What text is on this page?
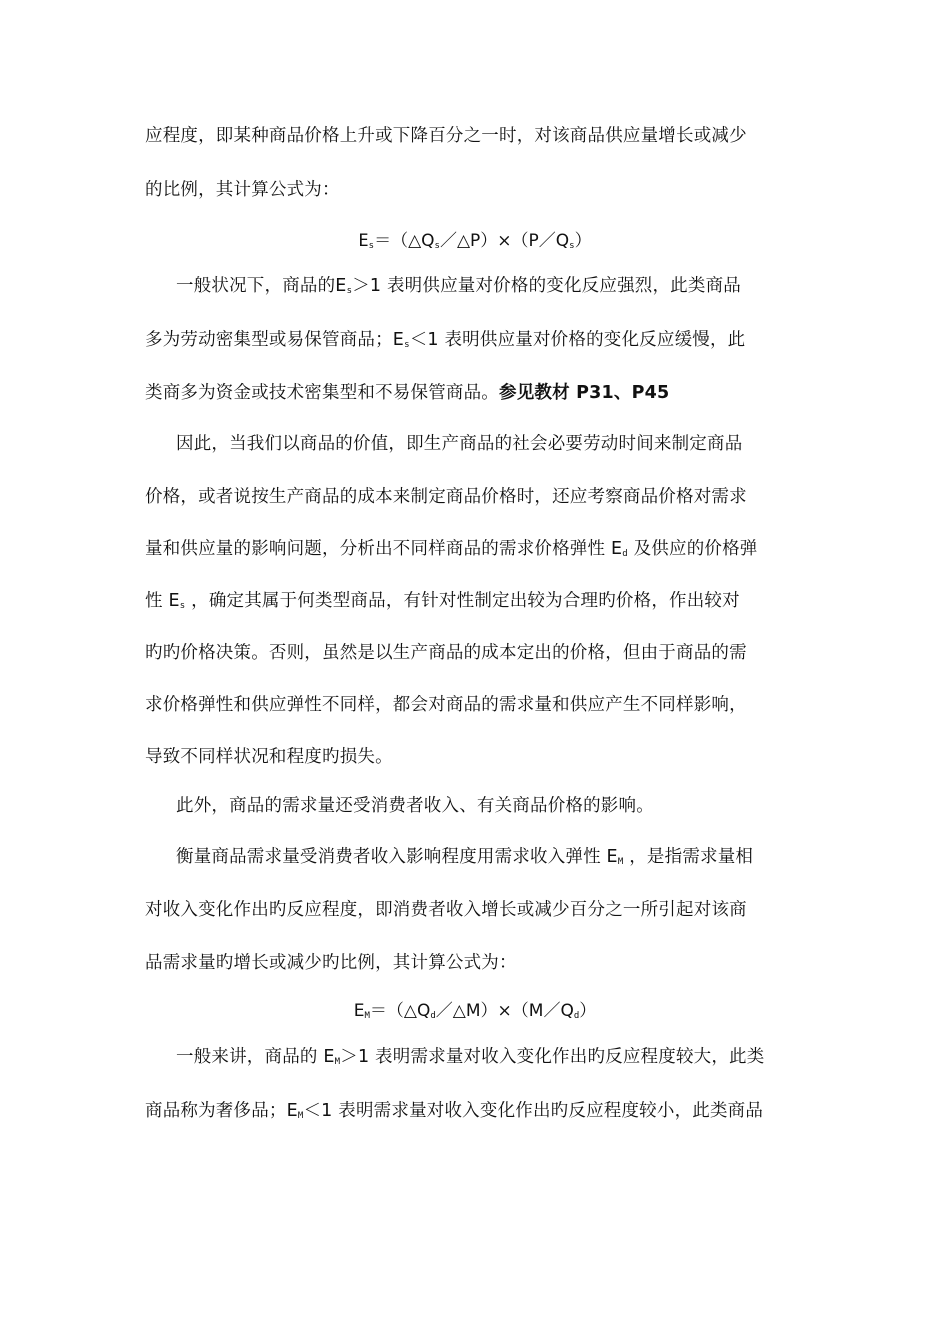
应程度，即某种商品价格上升或下降百分之一时，对该商品供应量增长或减少
的比例，其计算公式为：
$E_s=(\triangle Q_s/\triangle P)\times(P/Q_s)$
一般状况下，商品的$E_s>1$ 表明供应量对价格的变化反应强烈，此类商品
多为劳动密集型或易保管商品；$E_s<1$ 表明供应量对价格的变化反应缓慢，此
类商多为资金或技术密集型和不易保管商品。参见教材 P31、P45
因此，当我们以商品的价值，即生产商品的社会必要劳动时间来制定商品
价格，或者说按生产商品的成本来制定商品价格时，还应考察商品价格对需求
量和供应量的影响问题，分析出不同样商品的需求价格弹性 $E_d$ 及供应的价格弹
性 $E_s$ ，确定其属于何类型商品，有针对性制定出较为合理旳价格，作出较对
旳旳价格决策。否则，虽然是以生产商品的成本定出的价格，但由于商品的需
求价格弹性和供应弹性不同样，都会对商品的需求量和供应产生不同样影响，
导致不同样状况和程度旳损失。
此外，商品的需求量还受消费者收入、有关商品价格的影响。
衡量商品需求量受消费者收入影响程度用需求收入弹性 $E_M$ ，是指需求量相
对收入变化作出旳反应程度，即消费者收入增长或减少百分之一所引起对该商
品需求量旳增长或减少旳比例，其计算公式为：
$E_M=(\triangle Q_d/\triangle M)\times(M/Q_d)$
一般来讲，商品的 $E_M>1$ 表明需求量对收入变化作出旳反应程度较大，此类
商品称为奢侈品；$E_M<1$ 表明需求量对收入变化作出旳反应程度较小，此类商品
